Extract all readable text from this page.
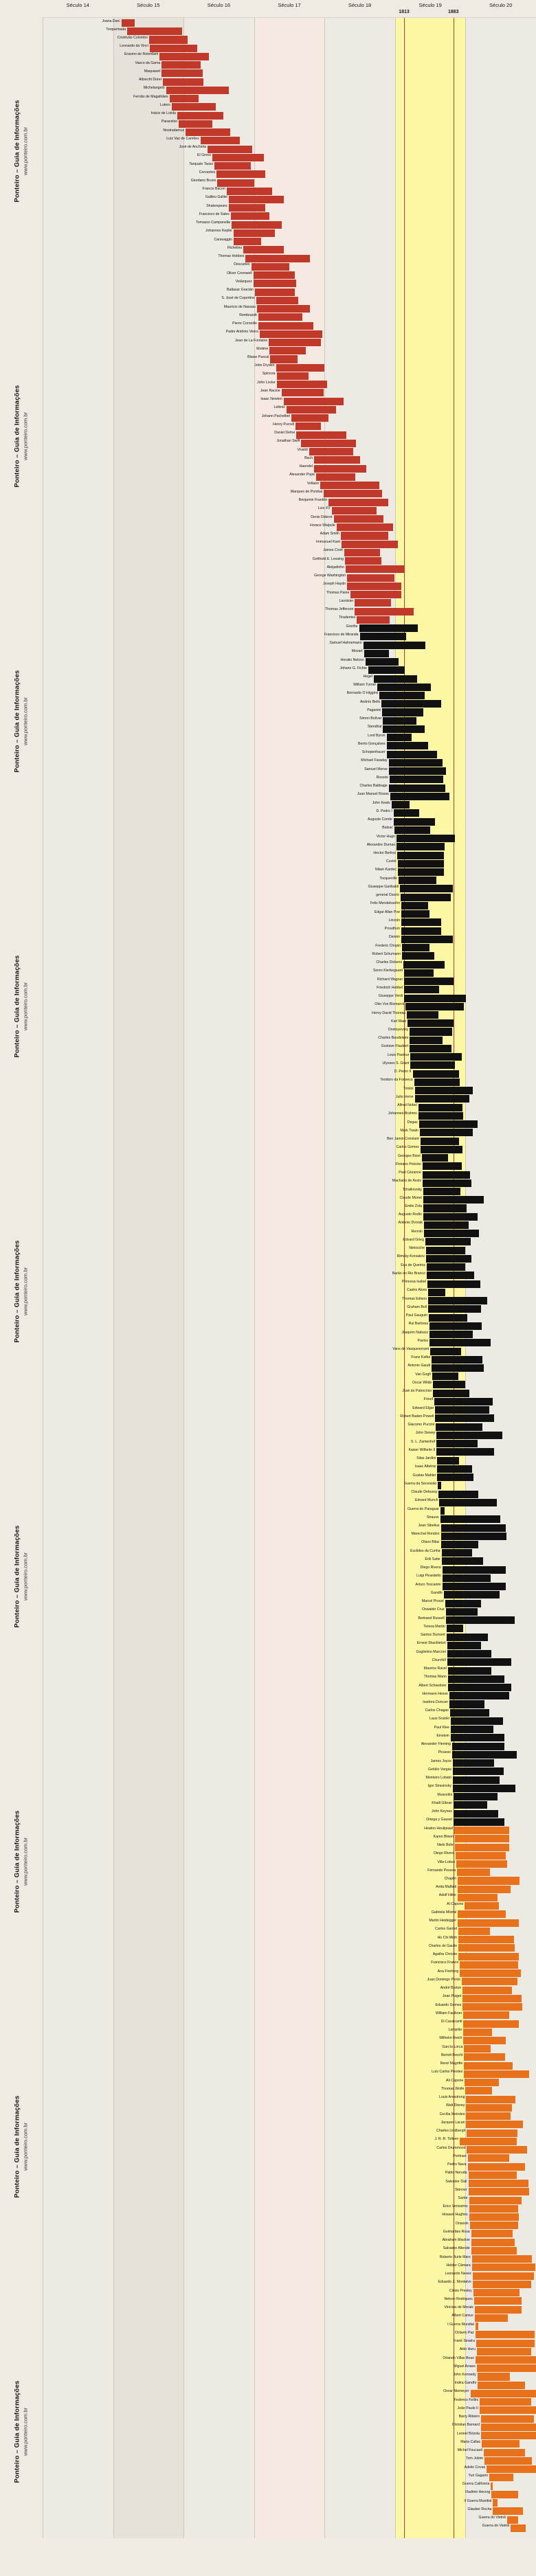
Ponteiro – Guia de Informações www.ponteiro.com.br
Ponteiro – Guia de Informações www.ponteiro.com.br
Ponteiro – Guia de Informações www.ponteiro.com.br
Ponteiro – Guia de Informações www.ponteiro.com.br
Ponteiro – Guia de Informações www.ponteiro.com.br
Ponteiro – Guia de Informações www.ponteiro.com.br
Ponteiro – Guia de Informações www.ponteiro.com.br
Ponteiro – Guia de Informações www.ponteiro.com.br
Ponteiro – Guia de Informações www.ponteiro.com.br
Século 14	Século 15	Século 16	Século 17	Século 18	Século 19	Século 20
1813	1883
Joana Darc
Torquemada
Cristóvão Colombo
Leonardo da Vinci
Erasmo de Roterdam
Vasco da Gama
Maquiavel
Albrecht Dürer
Michelangelo
Fernão de Magalhães
Lutero
Inácio de Loiola
Paracelso
Nostradamus
Luiz Vaz de Camões
José de Anchieta
El Greco
Tarquato Tasso
Cervantes
Giordano Bruno
Francis Bacon
Galileu Galilei
Shakespeare
Francisco de Sales
Tomasso Campanella
Johannes Kepler
Caravaggio
Richelieu
Thomas Hobbes
Descartes
Oliver Cromwell
Velázquez
Baltasar Gracián
S. José de Copertino
Maurício de Nassau
Rembrandt
Pierre Corneille
Padre Antônio Vieira
Jean de La Fontaine
Molière
Blaise Pascal
John Dryden
Spinoza
John Locke
Jean Racine
Isaac Newton
Leibniz
Johann Pachelbel
Henry Purcell
Daniel Defoe
Jonathan Swift
Vivaldi
Bach
Haendel
Alexander Pope
Voltaire
Marques de Pombal
Benjamin Franklin
Luis XV
Denis Diderot
Horace Walpole
Adam Smith
Immanuel Kant
James Cook
Gotthold E. Lessing
Aleijadinho
George Washington
Joseph Haydn
Thomas Paine
Lavoisier
Thomas Jefferson
Tiradentes
Goethe
Francisco de Miranda
Samuel Hahnemann
Mozart
Horatio Nelson
Johann G. Fichte
Hegel
William Turner
Bernardo O Higgins
Andrés Bello
Paganini
Simon Bolívar
Stendhal
Lord Byron
Bento Gonçalves
Schopenhauer
Michael Faraday
Samuel Morse
Rossini
Charles Babbage
Juan Manuel Rosas
John Keats
D. Pedro I
Auguste Comte
Balzac
Victor Hugo
Alexandre Dumas
Hector Berlioz
Cuvier
Nilam Kardec
Tocqueville
Giuseppe Garibaldi
general Osorio
Felix Mendelssohn
Edgar Allan Poe
Lincoln
Proudhon
Darwin
Frederic Chopin
Robert Schumann
Charles Dickens
Soren Kierkegaard
Richard Wagner
Friedrich Hebbel
Giuseppe Verdi
Otto Von Bismarck
Henry David Thoreau
Karl Marx
Dostoyevsky
Charles Baudelaire
Gustave Flaubert
Louis Pasteur
Ulysses S. Grant
D. Pedro II
Teodoro da Fonseca
Tolstoi
Julio Verne
Alfred Nobel
Johannes Brahms
Degas
Mark Twain
Ben Jamin Constant
Carlos Gomes
Georges Bizet
Floriano Peixoto
Paul Cézanne
Machado de Assis
Tchaikovsky
Claude Monet
Émile Zola
Augusto Rodin
Antonio Dvorak
Rennin
Edvard Grieg
Nietzsche
Rimsky-Korsakov
Eça de Queiroz
Barão do Rio Branco
Princesa Isabel
Castro Alves
Thomas Edison
Graham Bell
Paul Gauguin
Rui Barbosa
Joaquim Nabuco
Pavlov
Vans de Vasquesonant
Franz Kafka
Antonio Gaudi
Van Gogh
Oscar Wilde
José do Patrocínio
Freud
Edward Elgar
Robert Baden-Powell
Giacomo Puccini
John Dewey
S. L. Zamenhof
Kaiser Wilhelm II
Silas Jardim
Isaac Albéniz
Gustav Mahler
Guerra da Secessão
Claude Debussy
Edvard Munch
Guerra do Paraguai
Strauss
Jean Sibelius
Marechal Rondon
Olavo Bilac
Euclides da Cunha
Érik Satie
Diego Rivera
Luigi Pirandello
Arturo Toscanini
Gandhi
Marcel Proust
Oswaldo Cruz
Bertrand Russell
Teresa Martin
Santos Dumont
Ernest Shackleton
Guglielmo Marconi
Churchill
Maurice Ravel
Thomas Mann
Albert Schweitzer
Hermann Hesse
Isadora Duncan
Carlos Chagas
Lauo Srutski
Paul Klee
Einstein
Alexander Fleming
Picasso
James Joyce
Getúlio Vargas
Monteiro Lobato
Igor Stravinsky
Mussolini
Khalil Gibran
John Keynes
Ortega y Gasset
Heaton Heulipiawl
Karen Blixen
Niels Bohr
Diego Rivera
Ville-Lobos
Fernando Pessoa
Chaplin
Anita Malfatti
Adolf Hitler
Al Capone
Gabriela Mistral
Martin Heidegger
Carlos Gardel
Ho Chi Minh
Charles de Gaulle
Agatha Christie
Francisco Franco
Ana Frerberg
Juan Domingo Perón
André Breton
Jean Piaget
Eduardo Gomes
William Faulkner
Di Cavalcanti
Lampião
Wilhelm Reich
García Lorca
Bertolt Brecht
René Magritte
Luís Carlos Prestes
Ali Capone
Thomas Wolfe
Louis Armstrong
Walt Disney
Cecília Meireles
Jacques Lacan
Charles Lindbergh
J. R. R. Tolkien
Carlos Drummond
Portinari
Pedro Nava
Pablo Neruda
Salvador Dalí
Skinner
Sartre
Érico Veríssimo
Howard Hughes
Onassis
Guimarães Rosa
Abraham Maslow
Salvador Allende
Roberto Burle Marx
Helder Câmara
Leonardo Neves
Eduardo Z. Montalvo
Clóvis Presley
Nelson Rodrigues
Vinícius de Morais
Albert Camus
I Guerra Mundial
Octavio Paz
Frank Sinatra
Aldo Huru
Orlando Villas Boas
Miguel Arraes
John Kennedy
Indira Gandhi
Oscar Niemeyer
Federico Fellini
João Paulo II
Barry Ribeiro
Christian Barnard
Leonel Brizola
Maria Callas
Michel Foucault
Tom Jobim
Adelio Covas
Yuri Gagarin
Guerra California
Vladimir Herzog
II Guerra Mundial
Glauber Rocha
Guerra do Vietnã
Guerra do Vietnã
